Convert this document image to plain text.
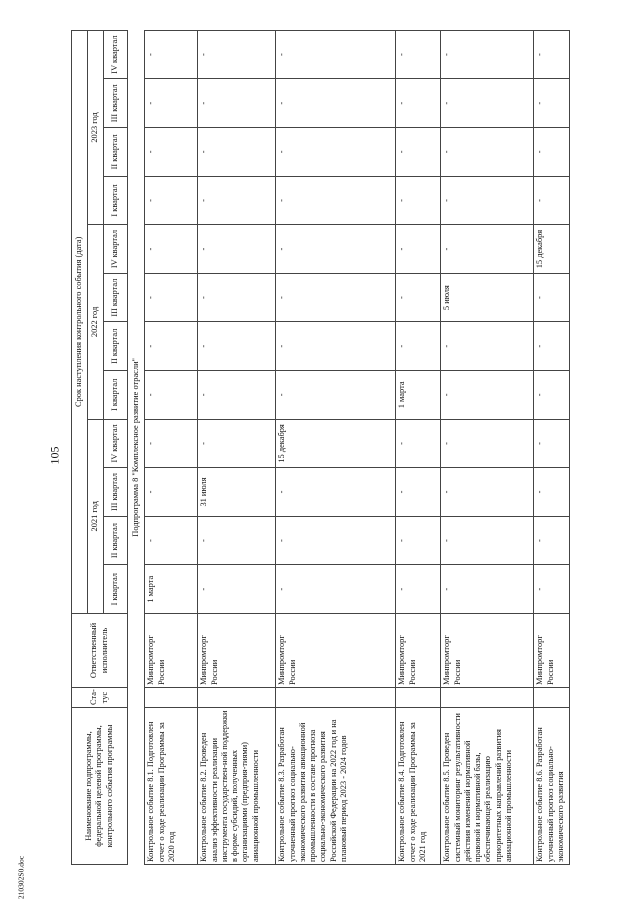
105
210302S0.doc
Наименование подпрограммы, федеральной целевой программы, контрольного события программы	Ста-тус	Ответственный исполнитель	Срок наступления контрольного события (дата)											
			2021 год				2022 год				2023 год			
			I квартал	II квартал	III квартал	IV квартал	I квартал	II квартал	III квартал	IV квартал	I квартал	II квартал	III квартал	IV квартал
Подпрограмма 8 "Комплексное развитие отрасли"														
Контрольное событие 8.1. Подготовлен отчет о ходе реализации Программы за 2020 год		Минпромторг России	1 марта	-	-	-	-	-	-	-	-	-	-	-
Контрольное событие 8.2. Проведен анализ эффективности реализации инструмента государствен-ной поддержки в форме субсидий, полученных организациями (предприя-тиями) авиационной промышленности		Минпромторг России	-	-	31 июля	-	-	-	-	-	-	-	-	-
Контрольное событие 8.3. Разработан уточненный прогноз социально-экономического развития авиационной промышленности в составе прогноза социально-экономического развития Российской Федерации на 2022 год и на плановый период 2023 - 2024 годов		Минпромторг России	-	-	-	15 декабря	-	-	-	-	-	-	-	-
Контрольное событие 8.4. Подготовлен отчет о ходе реализации Программы за 2021 год		Минпромторг России	-	-	-	-	1 марта	-	-	-	-	-	-	-
Контрольное событие 8.5. Проведен системный мониторинг результативности действия изменений нормативной правовой и нормативной базы, обеспечивающей реализацию приоритетных направлений развития авиационной промышленности		Минпромторг России	-	-	-	-	-	-	5 июля	-	-	-	-	-
Контрольное событие 8.6. Разработан уточненный прогноз социально-экономического развития		Минпромторг России	-	-	-	-	-	-	-	15 декабря	-	-	-	-
